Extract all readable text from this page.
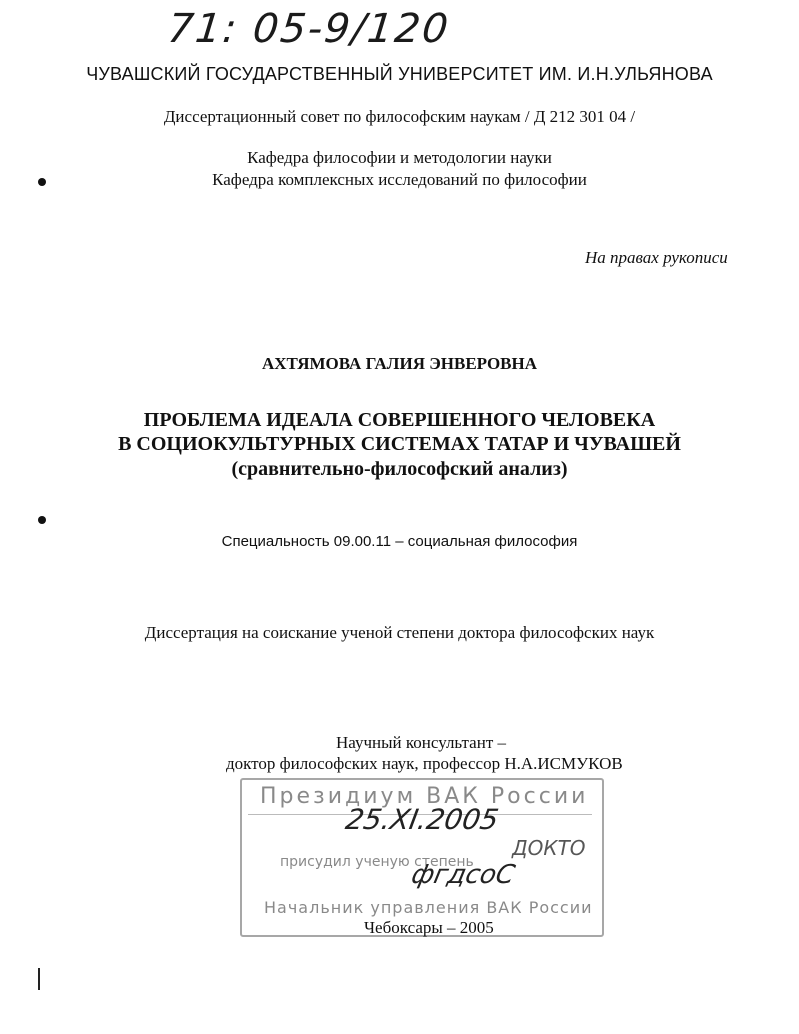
71: 05-9/120
ЧУВАШСКИЙ ГОСУДАРСТВЕННЫЙ УНИВЕРСИТЕТ ИМ. И.Н.УЛЬЯНОВА
Диссертационный совет по философским наукам / Д 212 301 04 /
Кафедра философии и методологии науки
Кафедра комплексных исследований по философии
На правах рукописи
АХТЯМОВА ГАЛИЯ ЭНВЕРОВНА
ПРОБЛЕМА ИДЕАЛА СОВЕРШЕННОГО ЧЕЛОВЕКА
В СОЦИОКУЛЬТУРНЫХ СИСТЕМАХ ТАТАР И ЧУВАШЕЙ
(сравнительно-философский анализ)
Специальность 09.00.11 – социальная философия
Диссертация на соискание ученой степени доктора философских наук
Научный консультант –
доктор философских наук, профессор Н.А.ИСМУКОВ
Президиум ВАК России
присудил ученую степень
Начальник управления ВАК России
25.XI.2005
ДОКТО
фгдсоС
Чебоксары – 2005
